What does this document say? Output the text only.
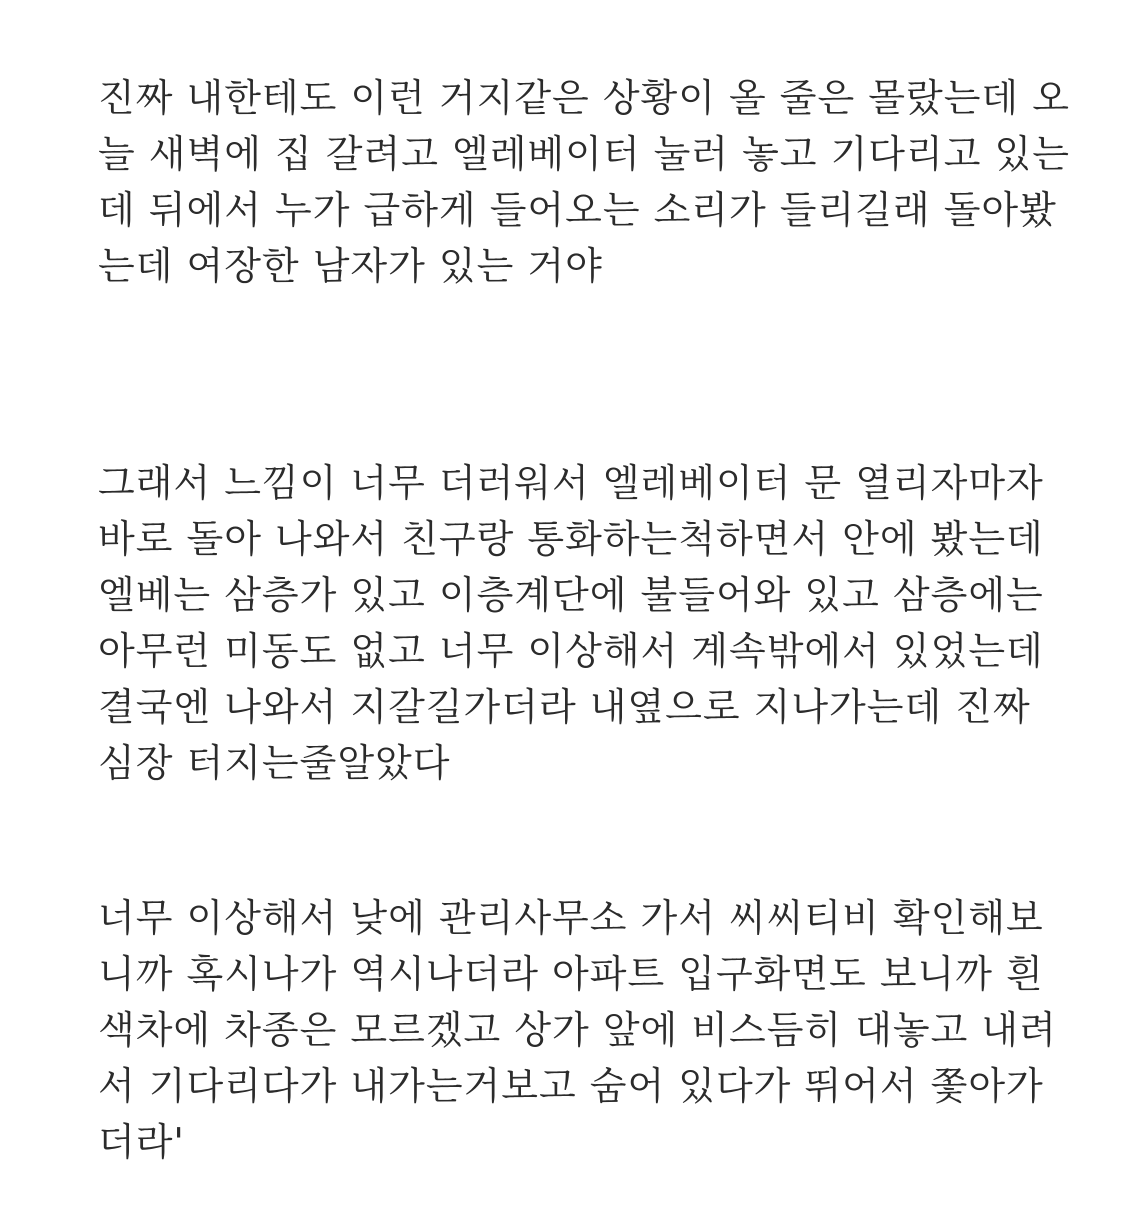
진짜 내한테도 이런 거지같은 상황이 올 줄은 몰랐는데 오
늘 새벽에 집 갈려고 엘레베이터 눌러 놓고 기다리고 있는
데 뒤에서 누가 급하게 들어오는 소리가 들리길래 돌아봤
는데 여장한 남자가 있는 거야

그래서 느낌이 너무 더러워서 엘레베이터 문 열리자마자
바로 돌아 나와서 친구랑 통화하는척하면서 안에 봤는데
엘베는 삼층가 있고 이층계단에 불들어와 있고 삼층에는
아무런 미동도 없고 너무 이상해서 계속밖에서 있었는데
결국엔 나와서 지갈길가더라 내옆으로 지나가는데 진짜
심장 터지는줄알았다

너무 이상해서 낮에 관리사무소 가서 씨씨티비 확인해보
니까 혹시나가 역시나더라 아파트 입구화면도 보니까 흰
색차에 차종은 모르겠고 상가 앞에 비스듬히 대놓고 내려
서 기다리다가 내가는거보고 숨어 있다가 뛰어서 쫓아가
더라'
